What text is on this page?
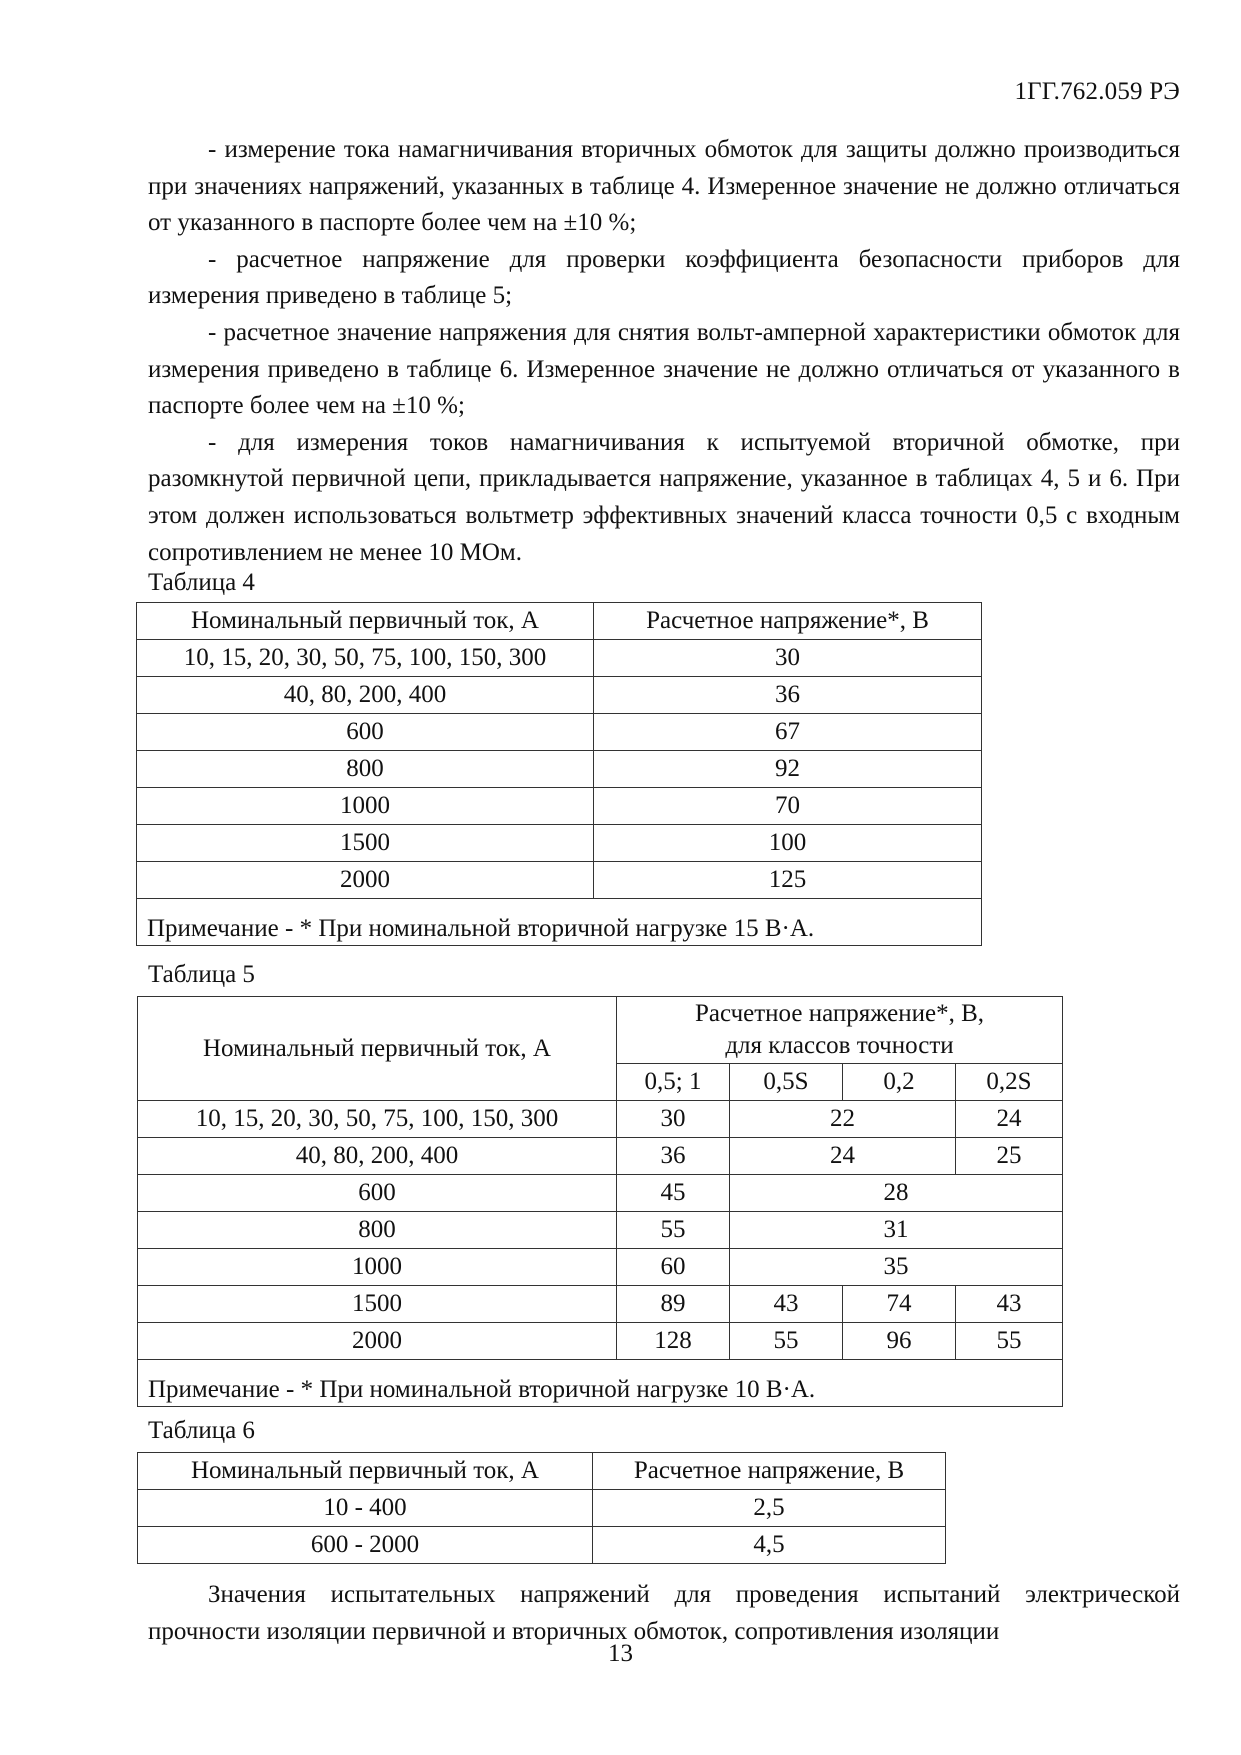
1ГГ.762.059 РЭ

- измерение тока намагничивания вторичных обмоток для защиты должно производиться при значениях напряжений, указанных в таблице 4. Измеренное значение не должно отличаться от указанного в паспорте более чем на ±10 %;

- расчетное напряжение для проверки коэффициента безопасности приборов для измерения приведено в таблице 5;

- расчетное значение напряжения для снятия вольт-амперной характеристики обмоток для измерения приведено в таблице 6. Измеренное значение не должно отличаться от указанного в паспорте более чем на ±10 %;

- для измерения токов намагничивания к испытуемой вторичной обмотке, при разомкнутой первичной цепи, прикладывается напряжение, указанное в таблицах 4, 5 и 6. При этом должен использоваться вольтметр эффективных значений класса точности 0,5 с входным сопротивлением не менее 10 МОм.

Таблица 4
Номинальный первичный ток, А	Расчетное напряжение*, В
10, 15, 20, 30, 50, 75, 100, 150, 300	30
40, 80, 200, 400	36
600	67
800	92
1000	70
1500	100
2000	125
Примечание - * При номинальной вторичной нагрузке 15 В·А.	
Таблица 5
Номинальный первичный ток, А	Расчетное напряжение*, В,
для классов точности			

	0,5; 1	0,5S	0,2	0,2S
10, 15, 20, 30, 50, 75, 100, 150, 300	30	22		24
40, 80, 200, 400	36	24		25
600	45	28		
800	55	31		
1000	60	35		
1500	89	43	74	43
2000	128	55	96	55
Примечание - * При номинальной вторичной нагрузке 10 В·А.				
Таблица 6
Номинальный первичный ток, А	Расчетное напряжение, В
10 - 400	2,5
600 - 2000	4,5

Значения испытательных напряжений для проведения испытаний электрической прочности изоляции первичной и вторичных обмоток, сопротивления изоляции

13
